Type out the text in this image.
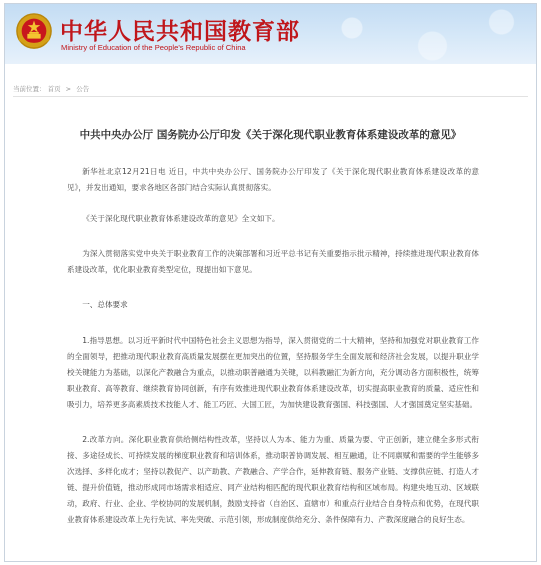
中华人民共和国教育部
Ministry of Education of the People's Republic of China
当前位置： 首页 > 公告
中共中央办公厅 国务院办公厅印发《关于深化现代职业教育体系建设改革的意见》

新华社北京12月21日电 近日，中共中央办公厅、国务院办公厅印发了《关于深化现代职业教育体系建设改革的意见》，并发出通知，要求各地区各部门结合实际认真贯彻落实。

《关于深化现代职业教育体系建设改革的意见》全文如下。

为深入贯彻落实党中央关于职业教育工作的决策部署和习近平总书记有关重要指示批示精神，持续推进现代职业教育体系建设改革，优化职业教育类型定位，现提出如下意见。

一、总体要求

1.指导思想。以习近平新时代中国特色社会主义思想为指导，深入贯彻党的二十大精神，坚持和加强党对职业教育工作的全面领导，把推动现代职业教育高质量发展摆在更加突出的位置，坚持服务学生全面发展和经济社会发展，以提升职业学校关键能力为基础，以深化产教融合为重点，以推动职普融通为关键，以科教融汇为新方向，充分调动各方面积极性，统筹职业教育、高等教育、继续教育协同创新，有序有效推进现代职业教育体系建设改革，切实提高职业教育的质量、适应性和吸引力，培养更多高素质技术技能人才、能工巧匠、大国工匠，为加快建设教育强国、科技强国、人才强国奠定坚实基础。

2.改革方向。深化职业教育供给侧结构性改革，坚持以人为本、能力为重、质量为要、守正创新，建立健全多形式衔接、多途径成长、可持续发展的梯度职业教育和培训体系，推动职普协调发展、相互融通，让不同禀赋和需要的学生能够多次选择、多样化成才；坚持以教促产、以产助教、产教融合、产学合作，延伸教育链、服务产业链、支撑供应链、打造人才链、提升价值链，推动形成同市场需求相适应、同产业结构相匹配的现代职业教育结构和区域布局。构建央地互动、区域联动，政府、行业、企业、学校协同的发展机制，鼓励支持省（自治区、直辖市）和重点行业结合自身特点和优势，在现代职业教育体系建设改革上先行先试、率先突破、示范引领，形成制度供给充分、条件保障有力、产教深度融合的良好生态。
